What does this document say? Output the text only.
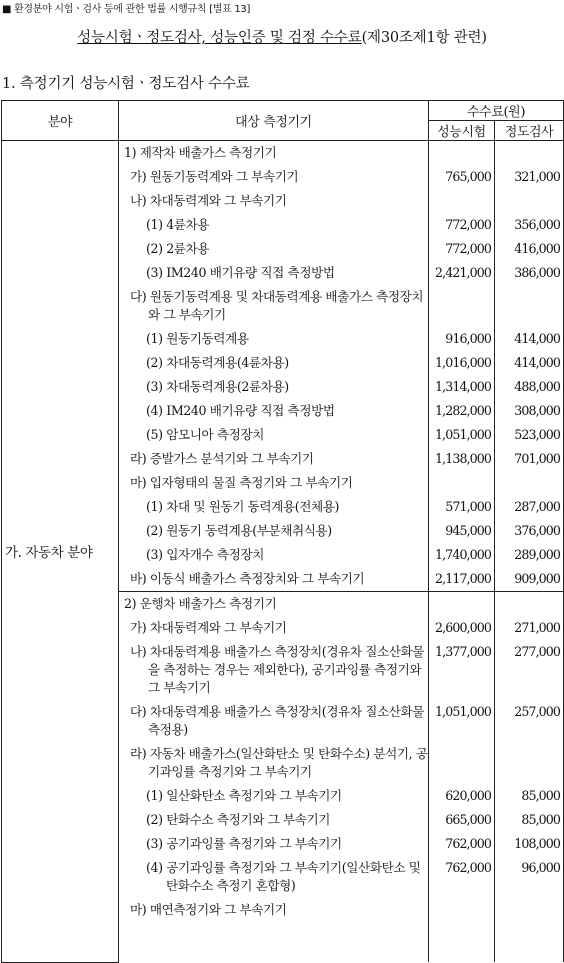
■ 환경분야 시험ㆍ검사 등에 관한 법률 시행규칙 [별표 13]
성능시험ㆍ정도검사, 성능인증 및 검정 수수료(제30조제1항 관련)
1. 측정기기 성능시험ㆍ정도검사 수수료
분야	대상 측정기기	수수료(원)	
		성능시험	정도검사
가. 자동차 분야	1) 제작차 배출가스 측정기기		

	가) 원동기동력계와 그 부속기기	765,000	321,000

	나) 차대동력계와 그 부속기기		

	(1) 4륜차용	772,000	356,000

	(2) 2륜차용	772,000	416,000

	(3) IM240 배기유량 직접 측정방법	2,421,000	386,000

	다) 원동기동력계용 및 차대동력계용 배출가스 측정장치와 그 부속기기		

	(1) 원동기동력계용	916,000	414,000

	(2) 차대동력계용(4륜차용)	1,016,000	414,000

	(3) 차대동력계용(2륜차용)	1,314,000	488,000

	(4) IM240 배기유량 직접 측정방법	1,282,000	308,000

	(5) 암모니아 측정장치	1,051,000	523,000

	라) 증발가스 분석기와 그 부속기기	1,138,000	701,000

	마) 입자형태의 물질 측정기와 그 부속기기		

	(1) 차대 및 원동기 동력계용(전체용)	571,000	287,000

	(2) 원동기 동력계용(부분채취식용)	945,000	376,000

	(3) 입자개수 측정장치	1,740,000	289,000

	바) 이동식 배출가스 측정장치와 그 부속기기	2,117,000	909,000

	2) 운행차 배출가스 측정기기		

	가) 차대동력계와 그 부속기기	2,600,000	271,000

	나) 차대동력계용 배출가스 측정장치(경유차 질소산화물을 측정하는 경우는 제외한다), 공기과잉률 측정기와 그 부속기기	1,377,000	277,000

	다) 차대동력계용 배출가스 측정장치(경유차 질소산화물 측정용)	1,051,000	257,000

	라) 자동차 배출가스(일산화탄소 및 탄화수소) 분석기, 공기과잉률 측정기와 그 부속기기		

	(1) 일산화탄소 측정기와 그 부속기기	620,000	85,000

	(2) 탄화수소 측정기와 그 부속기기	665,000	85,000

	(3) 공기과잉률 측정기와 그 부속기기	762,000	108,000

	(4) 공기과잉률 측정기와 그 부속기기(일산화탄소 및 탄화수소 측정기 혼합형)	762,000	96,000

	마) 매연측정기와 그 부속기기		
